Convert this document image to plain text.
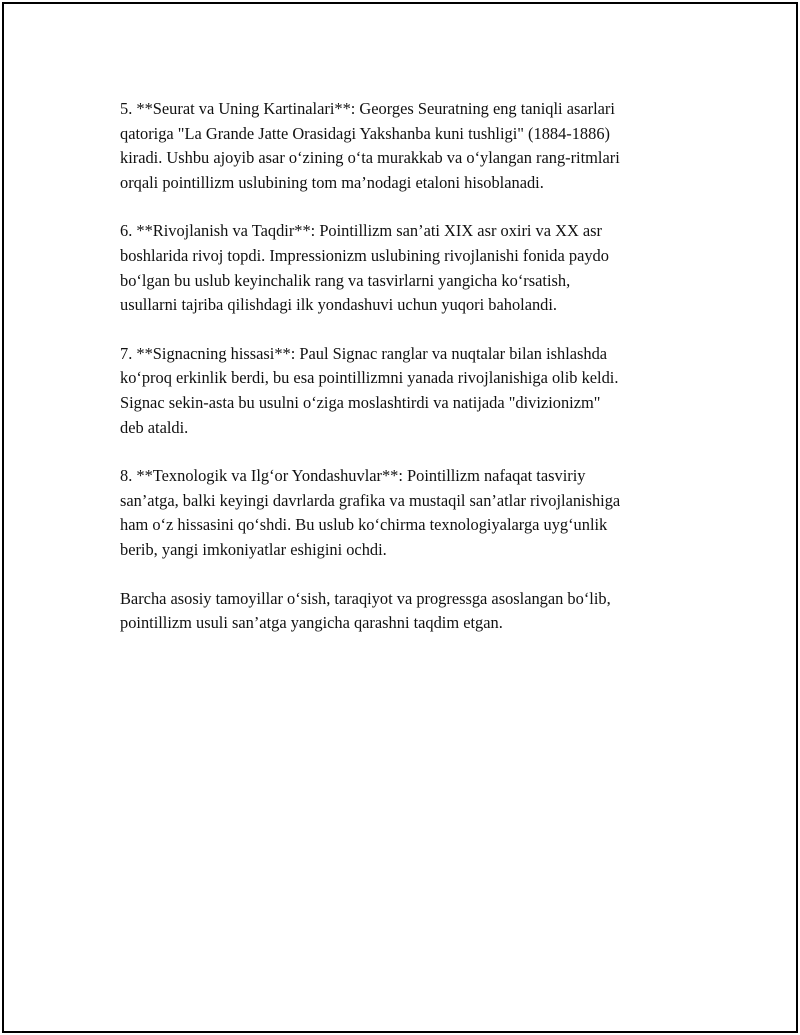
5. **Seurat va Uning Kartinalari**: Georges Seuratning eng taniqli asarlari
qatoriga "La Grande Jatte Orasidagi Yakshanba kuni tushligi" (1884-1886)
kiradi. Ushbu ajoyib asar o‘zining o‘ta murakkab va o‘ylangan rang-ritmlari
orqali pointillizm uslubining tom ma’nodagi etaloni hisoblanadi.

6. **Rivojlanish va Taqdir**: Pointillizm san’ati XIX asr oxiri va XX asr
boshlarida rivoj topdi. Impressionizm uslubining rivojlanishi fonida paydo
bo‘lgan bu uslub keyinchalik rang va tasvirlarni yangicha ko‘rsatish,
usullarni tajriba qilishdagi ilk yondashuvi uchun yuqori baholandi.

7. **Signacning hissasi**: Paul Signac ranglar va nuqtalar bilan ishlashda
ko‘proq erkinlik berdi, bu esa pointillizmni yanada rivojlanishiga olib keldi.
Signac sekin-asta bu usulni o‘ziga moslashtirdi va natijada "divizionizm"
deb ataldi.

8. **Texnologik va Ilg‘or Yondashuvlar**: Pointillizm nafaqat tasviriy
san’atga, balki keyingi davrlarda grafika va mustaqil san’atlar rivojlanishiga
ham o‘z hissasini qo‘shdi. Bu uslub ko‘chirma texnologiyalarga uyg‘unlik
berib, yangi imkoniyatlar eshigini ochdi.

Barcha asosiy tamoyillar o‘sish, taraqiyot va progressga asoslangan bo‘lib,
pointillizm usuli san’atga yangicha qarashni taqdim etgan.
